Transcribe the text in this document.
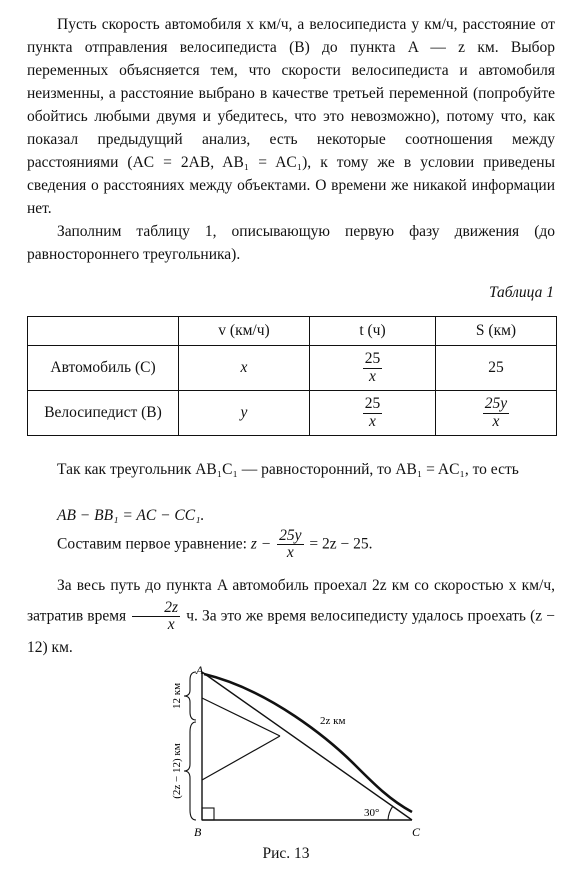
Пусть скорость автомобиля x км/ч, а велосипедиста y км/ч, расстояние от пункта отправления велосипедиста (B) до пункта A — z км. Выбор переменных объясняется тем, что скорости велосипедиста и автомобиля неизменны, а расстояние выбрано в качестве третьей переменной (попробуйте обойтись любыми двумя и убедитесь, что это невозможно), потому что, как показал предыдущий анализ, есть некоторые соотношения между расстояниями (AC = 2AB, AB₁ = AC₁), к тому же в условии приведены сведения о расстояниях между объектами. О времени же никакой информации нет.

Заполним таблицу 1, описывающую первую фазу движения (до равностороннего треугольника).

Таблица 1
	v (км/ч)	t (ч)	S (км)
Автомобиль (C)	x	$\frac{25}{x}$	25
Велосипедист (B)	y	$\frac{25}{x}$	$\frac{25y}{x}$

Так как треугольник AB₁C₁ — равносторонний, то AB₁ = AC₁, то есть

AB − BB₁ = AC − CC₁.
Составим первое уравнение: $z - \frac{25y}{x} = 2z - 25$.

За весь путь до пункта A автомобиль проехал 2z км со скоростью x км/ч, затратив время $\frac{2z}{x} ч$. За это же время велосипедисту удалось проехать (z − 12) км.

A
B	C
12 км
(2z − 12) км
2z км
30°
Рис. 13
